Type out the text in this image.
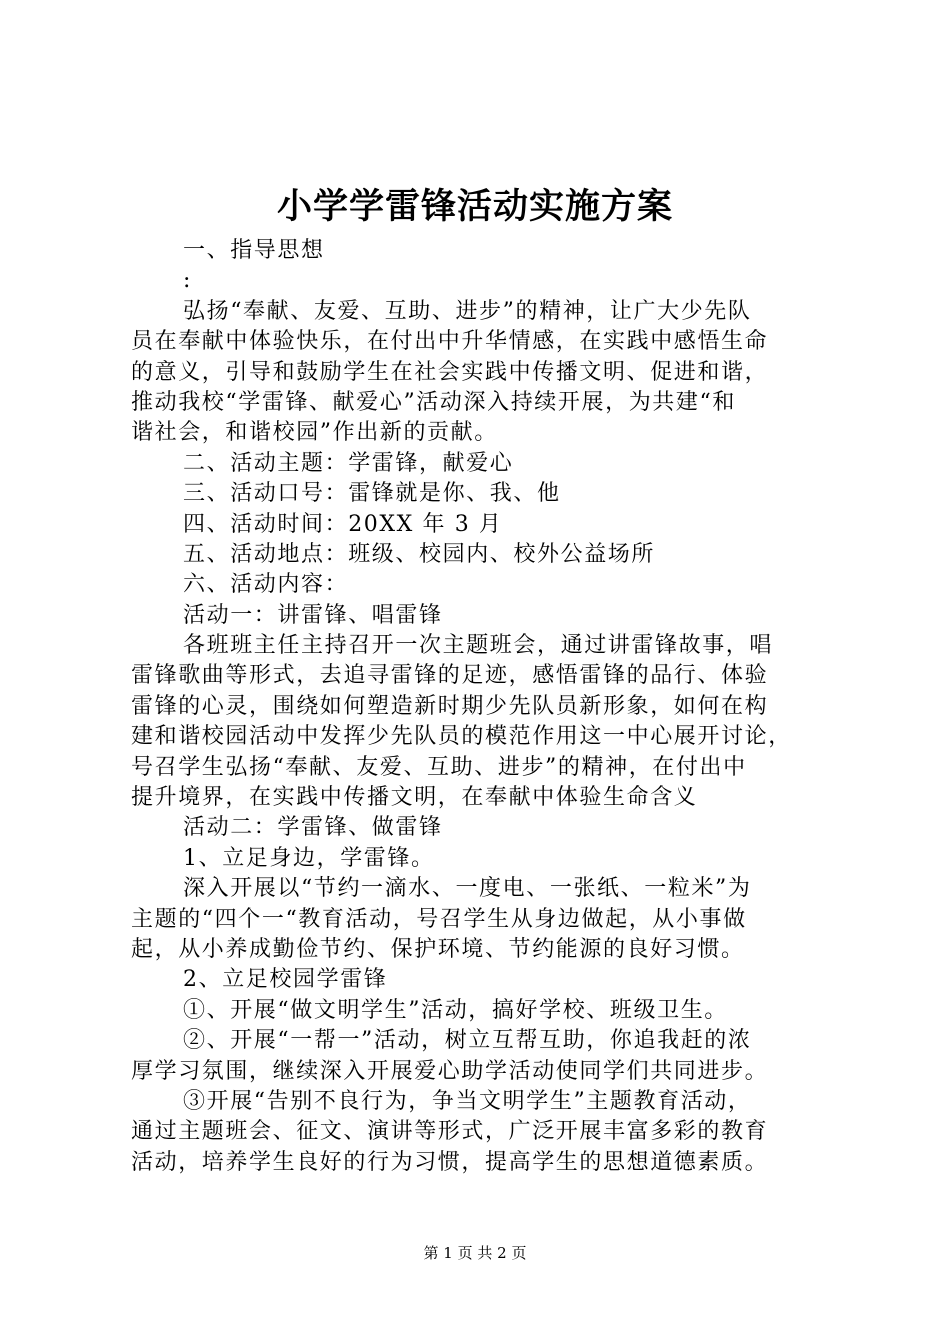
小学学雷锋活动实施方案
一、指导思想
:
弘扬“奉献、友爱、互助、进步”的精神，让广大少先队
员在奉献中体验快乐，在付出中升华情感，在实践中感悟生命
的意义，引导和鼓励学生在社会实践中传播文明、促进和谐，
推动我校“学雷锋、献爱心”活动深入持续开展，为共建“和
谐社会，和谐校园”作出新的贡献。
二、活动主题：学雷锋，献爱心
三、活动口号：雷锋就是你、我、他
四、活动时间：20XX 年 3 月
五、活动地点：班级、校园内、校外公益场所
六、活动内容：
活动一：讲雷锋、唱雷锋
各班班主任主持召开一次主题班会，通过讲雷锋故事，唱
雷锋歌曲等形式，去追寻雷锋的足迹，感悟雷锋的品行、体验
雷锋的心灵，围绕如何塑造新时期少先队员新形象，如何在构
建和谐校园活动中发挥少先队员的模范作用这一中心展开讨论，
号召学生弘扬“奉献、友爱、互助、进步”的精神，在付出中
提升境界，在实践中传播文明，在奉献中体验生命含义
活动二：学雷锋、做雷锋
1、立足身边，学雷锋。
深入开展以“节约一滴水、一度电、一张纸、一粒米”为
主题的“四个一“教育活动，号召学生从身边做起，从小事做
起，从小养成勤俭节约、保护环境、节约能源的良好习惯。
2、立足校园学雷锋
①、开展“做文明学生”活动，搞好学校、班级卫生。
②、开展“一帮一”活动，树立互帮互助，你追我赶的浓
厚学习氛围，继续深入开展爱心助学活动使同学们共同进步。
③开展“告别不良行为，争当文明学生”主题教育活动，
通过主题班会、征文、演讲等形式，广泛开展丰富多彩的教育
活动，培养学生良好的行为习惯，提高学生的思想道德素质。
第 1 页 共 2 页
